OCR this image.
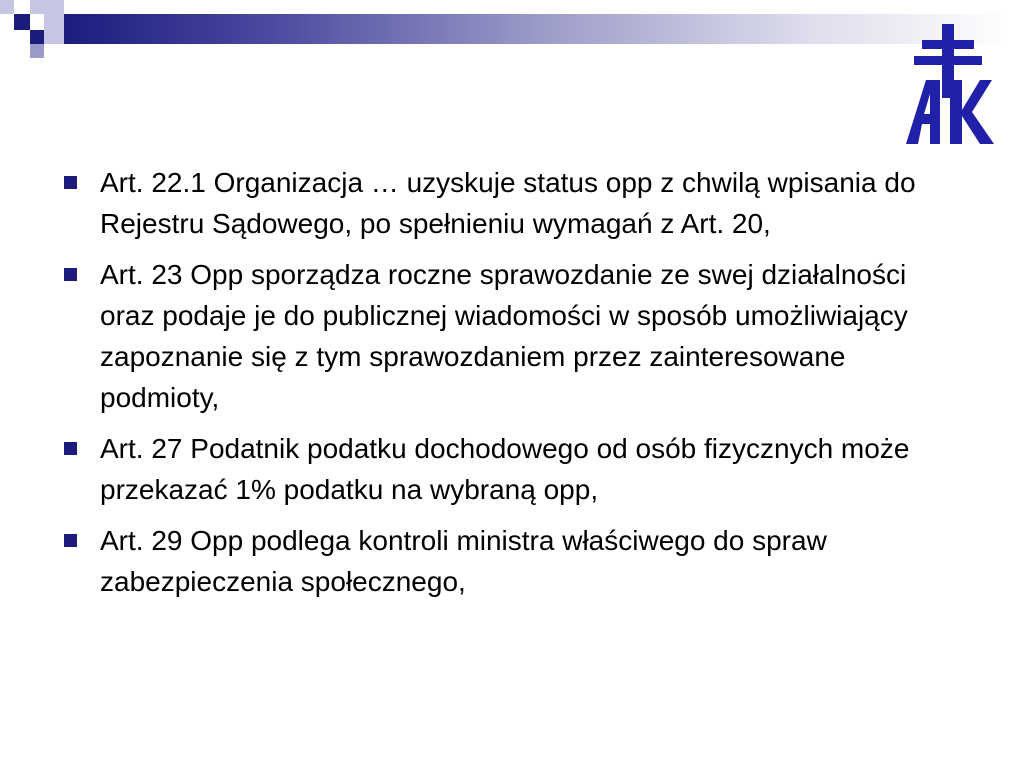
Art. 22.1 Organizacja … uzyskuje status opp z chwilą wpisania do Rejestru Sądowego, po spełnieniu wymagań z Art. 20,
Art. 23 Opp sporządza roczne sprawozdanie ze swej działalności oraz podaje je do publicznej wiadomości w sposób umożliwiający zapoznanie się z tym sprawozdaniem przez zainteresowane podmioty,
Art. 27 Podatnik podatku dochodowego od osób fizycznych może przekazać 1% podatku na wybraną opp,
Art. 29 Opp podlega kontroli ministra właściwego do spraw zabezpieczenia społecznego,
